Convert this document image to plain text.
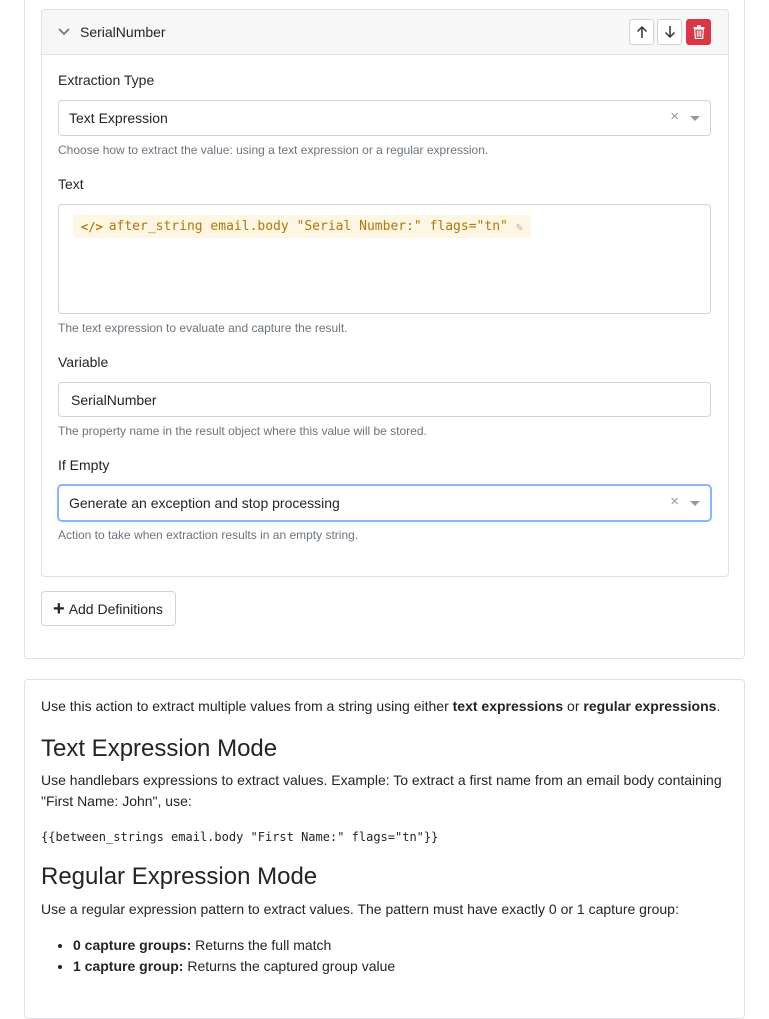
SerialNumber
Extraction Type
Text Expression	×
Choose how to extract the value: using a text expression or a regular expression.
Text
</> after_string email.body "Serial Number:" flags="tn" ✎
The text expression to evaluate and capture the result.
Variable
SerialNumber
The property name in the result object where this value will be stored.
If Empty
Generate an exception and stop processing	×
Action to take when extraction results in an empty string.
+ Add Definitions
Use this action to extract multiple values from a string using either text expressions or regular expressions.
Text Expression Mode
Use handlebars expressions to extract values. Example: To extract a first name from an email body containing "First Name: John", use:
{{between_strings email.body "First Name:" flags="tn"}}
Regular Expression Mode
Use a regular expression pattern to extract values. The pattern must have exactly 0 or 1 capture group:
• 0 capture groups: Returns the full match
• 1 capture group: Returns the captured group value
